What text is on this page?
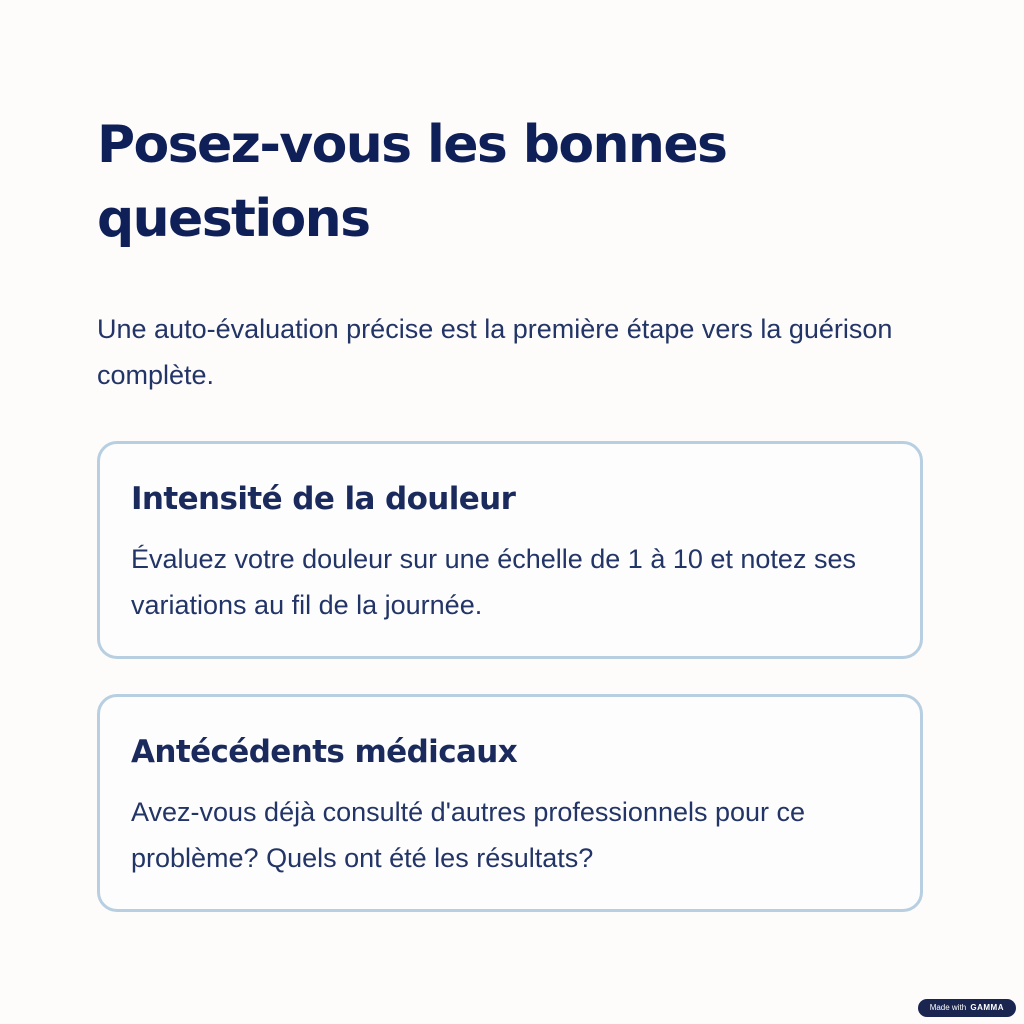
Posez-vous les bonnes questions

Une auto-évaluation précise est la première étape vers la guérison complète.

Intensité de la douleur

Évaluez votre douleur sur une échelle de 1 à 10 et notez ses variations au fil de la journée.

Antécédents médicaux

Avez-vous déjà consulté d'autres professionnels pour ce problème? Quels ont été les résultats?

Made with GAMMA
